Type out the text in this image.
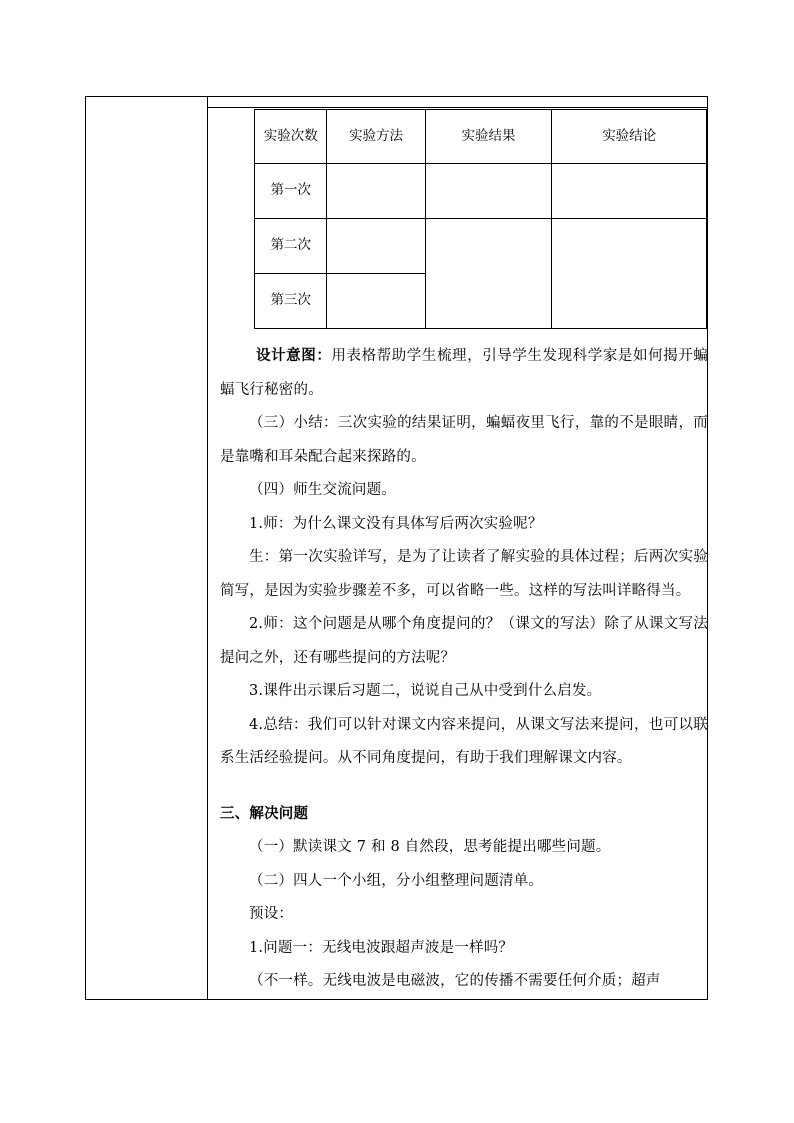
实验次数	实验方法	实验结果	实验结论
第一次			
第二次			
第三次			

设计意图：用表格帮助学生梳理，引导学生发现科学家是如何揭开蝙蝠飞行秘密的。

（三）小结：三次实验的结果证明，蝙蝠夜里飞行，靠的不是眼睛，而是靠嘴和耳朵配合起来探路的。

（四）师生交流问题。

1.师：为什么课文没有具体写后两次实验呢？

生：第一次实验详写，是为了让读者了解实验的具体过程；后两次实验简写，是因为实验步骤差不多，可以省略一些。这样的写法叫详略得当。

2.师：这个问题是从哪个角度提问的？（课文的写法）除了从课文写法提问之外，还有哪些提问的方法呢？

3.课件出示课后习题二，说说自己从中受到什么启发。

4.总结：我们可以针对课文内容来提问，从课文写法来提问，也可以联系生活经验提问。从不同角度提问，有助于我们理解课文内容。

三、解决问题

（一）默读课文 7 和 8 自然段，思考能提出哪些问题。

（二）四人一个小组，分小组整理问题清单。

预设：

1.问题一：无线电波跟超声波是一样吗？

（不一样。无线电波是电磁波，它的传播不需要任何介质；超声
